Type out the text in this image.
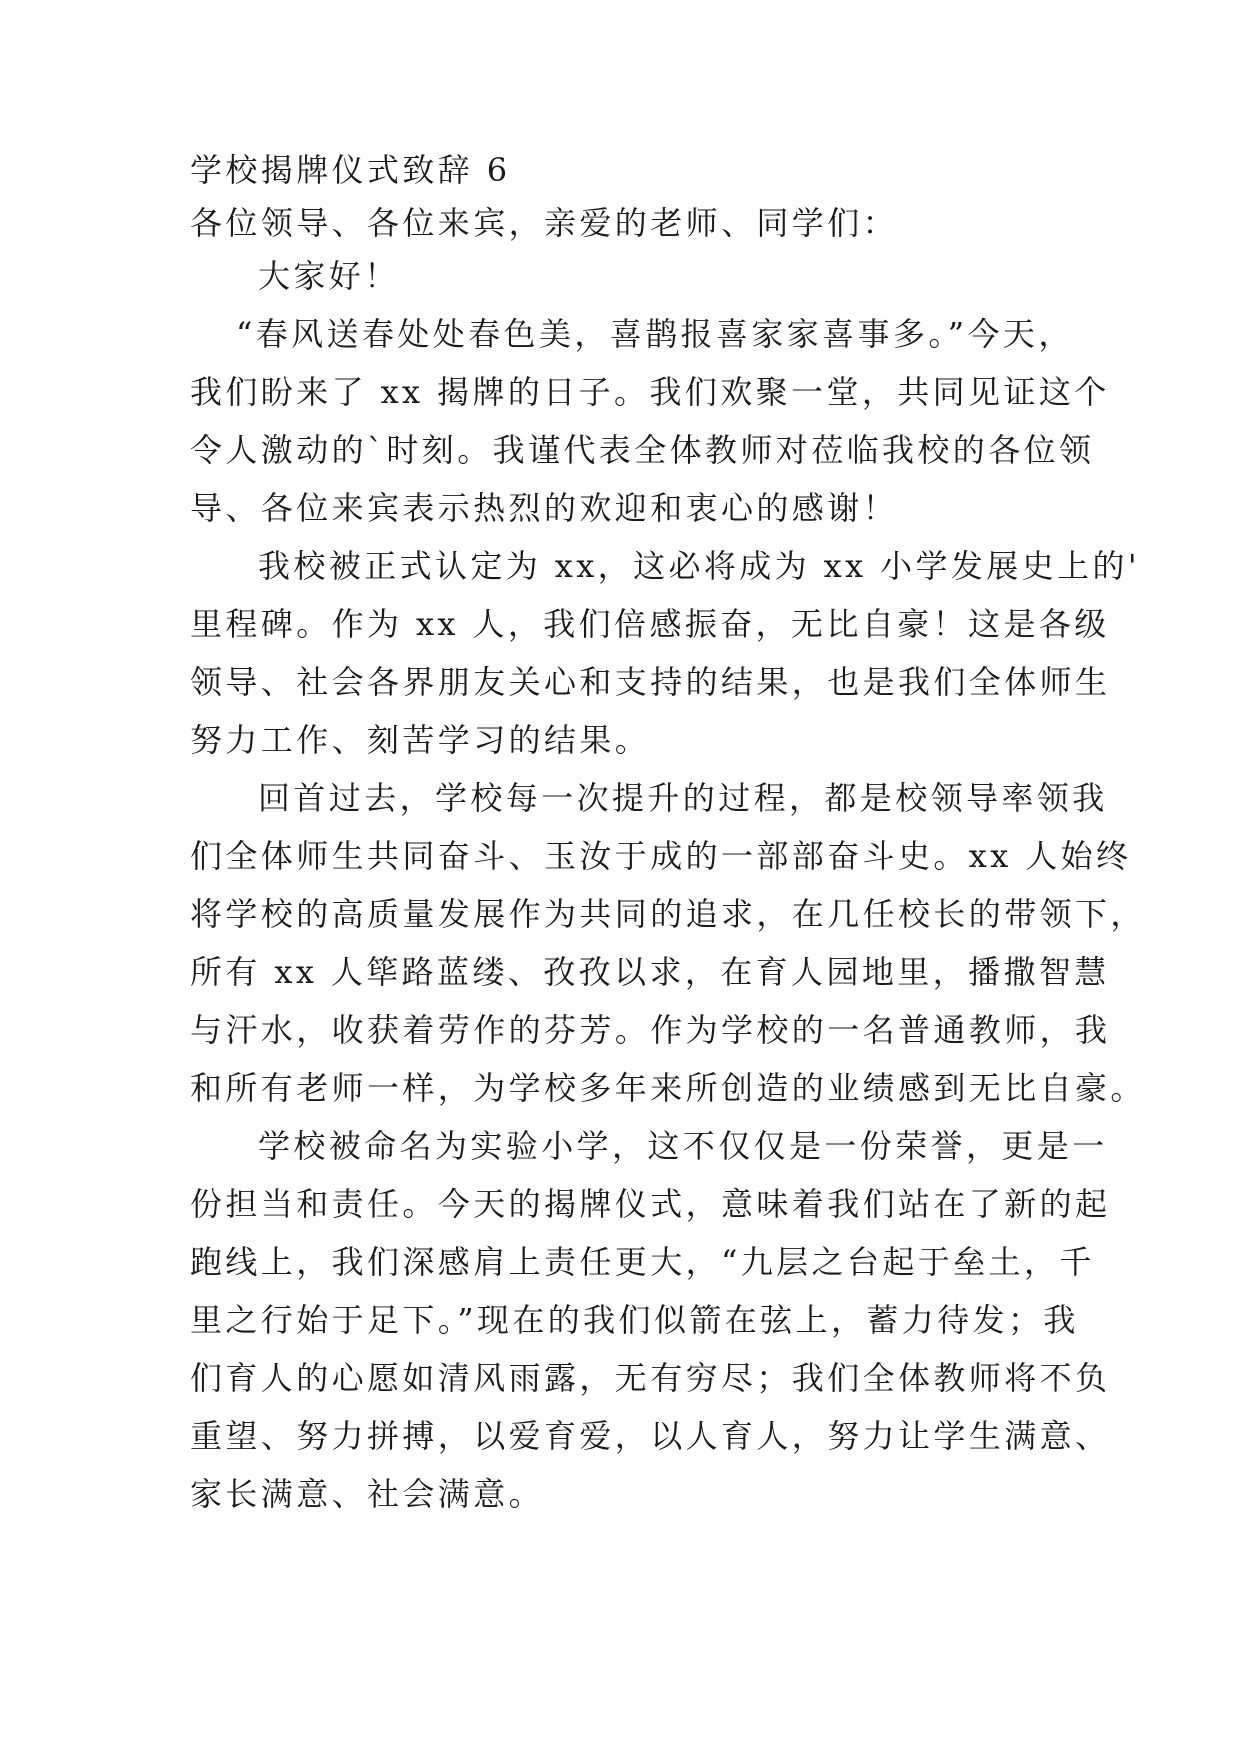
学校揭牌仪式致辞 6
各位领导、各位来宾，亲爱的老师、同学们：
大家好！
“春风送春处处春色美，喜鹊报喜家家喜事多。”今天，
我们盼来了 xx 揭牌的日子。我们欢聚一堂，共同见证这个
令人激动的`时刻。我谨代表全体教师对莅临我校的各位领
导、各位来宾表示热烈的欢迎和衷心的感谢！
我校被正式认定为 xx，这必将成为 xx 小学发展史上的'
里程碑。作为 xx 人，我们倍感振奋，无比自豪！这是各级
领导、社会各界朋友关心和支持的结果，也是我们全体师生
努力工作、刻苦学习的结果。
回首过去，学校每一次提升的过程，都是校领导率领我
们全体师生共同奋斗、玉汝于成的一部部奋斗史。xx 人始终
将学校的高质量发展作为共同的追求，在几任校长的带领下，
所有 xx 人筚路蓝缕、孜孜以求，在育人园地里，播撒智慧
与汗水，收获着劳作的芬芳。作为学校的一名普通教师，我
和所有老师一样，为学校多年来所创造的业绩感到无比自豪。
学校被命名为实验小学，这不仅仅是一份荣誉，更是一
份担当和责任。今天的揭牌仪式，意味着我们站在了新的起
跑线上，我们深感肩上责任更大，“九层之台起于垒土，千
里之行始于足下。”现在的我们似箭在弦上，蓄力待发；我
们育人的心愿如清风雨露，无有穷尽；我们全体教师将不负
重望、努力拼搏，以爱育爱，以人育人，努力让学生满意、
家长满意、社会满意。
